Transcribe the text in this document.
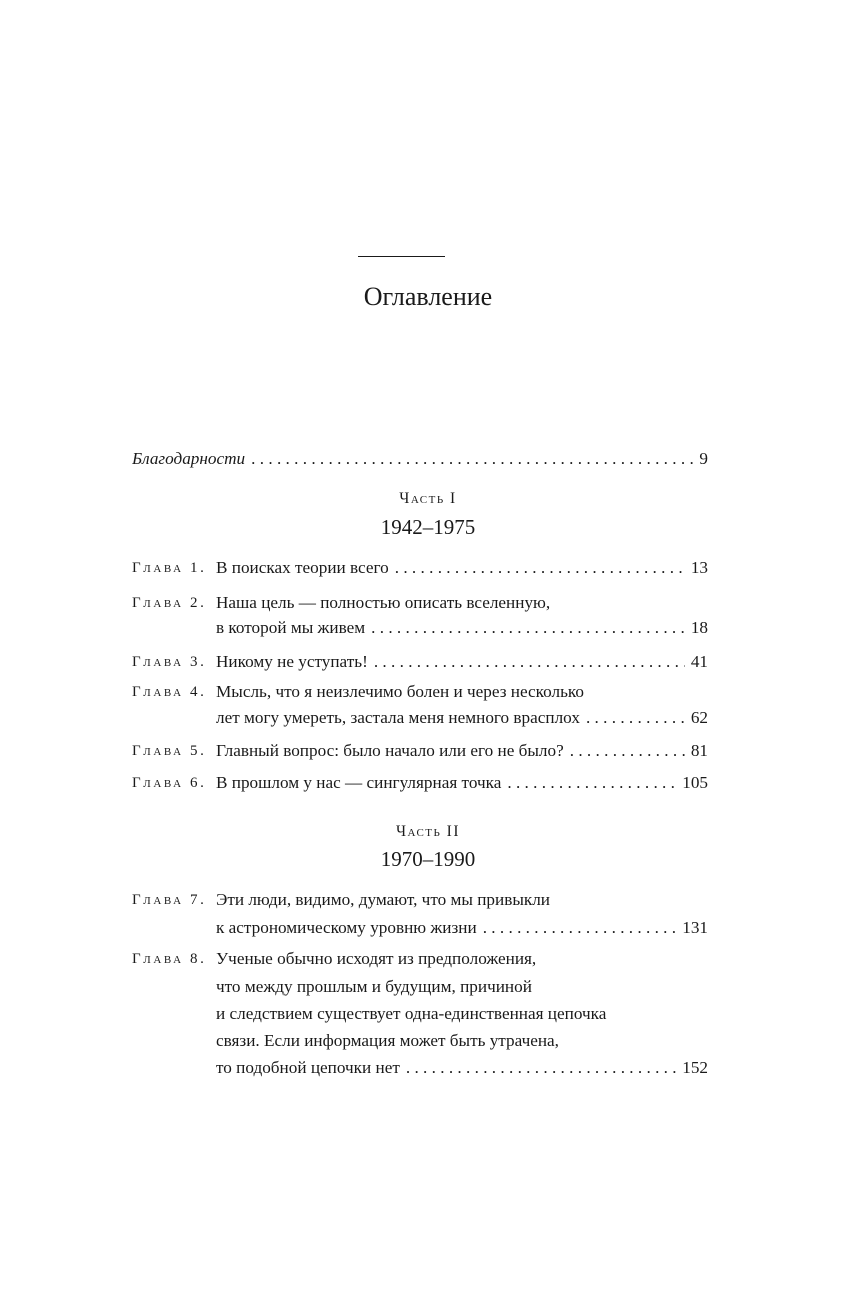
Оглавление
Благодарности . . .	9
Часть I
1942–1975
Глава 1. В поисках теории всего . . .	13
Глава 2. Наша цель — полностью описать вселенную,
в которой мы живем . . .	18
Глава 3. Никому не уступать! . . .	41
Глава 4. Мысль, что я неизлечимо болен и через несколько
лет могу умереть, застала меня немного врасплох . . .	62
Глава 5. Главный вопрос: было начало или его не было? . . .	81
Глава 6. В прошлом у нас — сингулярная точка . . .	105
Часть II
1970–1990
Глава 7. Эти люди, видимо, думают, что мы привыкли
к астрономическому уровню жизни . . .	131
Глава 8. Ученые обычно исходят из предположения,
что между прошлым и будущим, причиной
и следствием существует одна-единственная цепочка
связи. Если информация может быть утрачена,
то подобной цепочки нет . . .	152
